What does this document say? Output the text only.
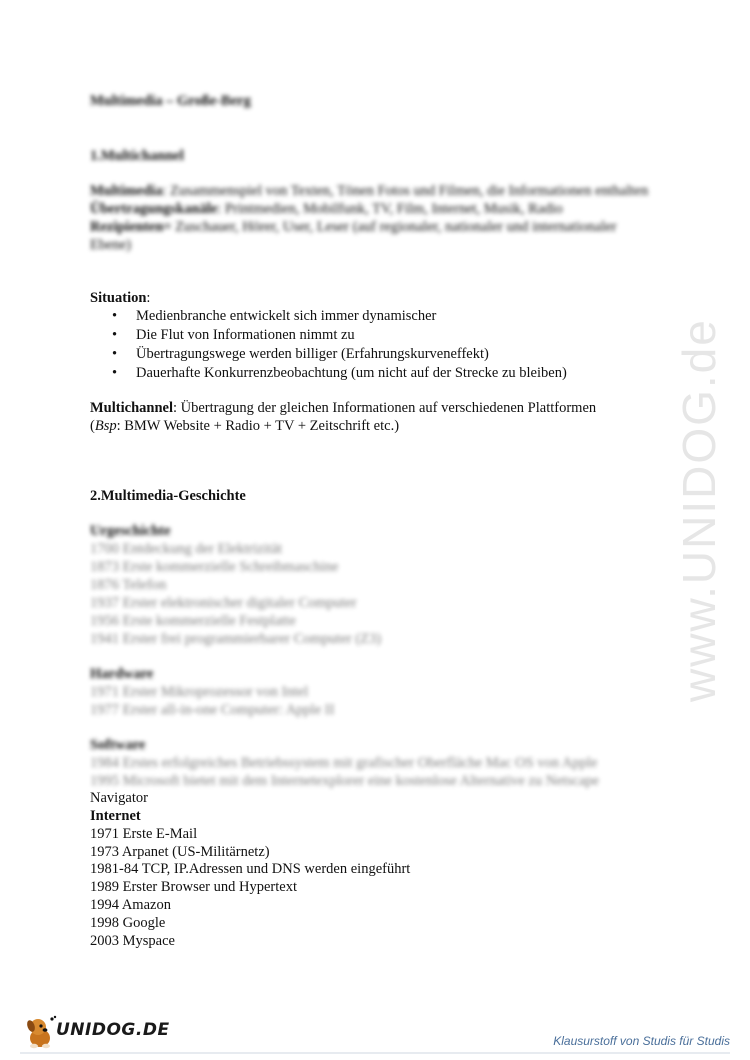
Multimedia – Große-Berg
1.Multichannel

Multimedia: Zusammenspiel von Texten, Tönen Fotos und Filmen, die Informationen enthalten

Übertragungskanäle: Printmedien, Mobilfunk, TV, Film, Internet, Musik, Radio

Rezipienten= Zuschauer, Hörer, User, Leser (auf regionaler, nationaler und internationaler Ebene)

Situation:
• Medienbranche entwickelt sich immer dynamischer
• Die Flut von Informationen nimmt zu
• Übertragungswege werden billiger (Erfahrungskurveneffekt)
• Dauerhafte Konkurrenzbeobachtung (um nicht auf der Strecke zu bleiben)

Multichannel: Übertragung der gleichen Informationen auf verschiedenen Plattformen

(Bsp: BMW Website + Radio + TV + Zeitschrift etc.)

2.Multimedia-Geschichte

Urgeschichte

1700 Entdeckung der Elektrizität

1873 Erste kommerzielle Schreibmaschine

1876 Telefon

1937 Erster elektronischer digitaler Computer

1956 Erste kommerzielle Festplatte

1941 Erster frei programmierbarer Computer (Z3)

Hardware

1971 Erster Mikroprozessor von Intel

1977 Erster all-in-one Computer: Apple II

Software

1984 Erstes erfolgreiches Betriebssystem mit grafischer Oberfläche Mac OS von Apple

1995 Microsoft bietet mit dem Internetexplorer eine kostenlose Alternative zu Netscape

Navigator

Internet

1971 Erste E-Mail

1973 Arpanet (US-Militärnetz)

1981-84 TCP, IP.Adressen und DNS werden eingeführt

1989 Erster Browser und Hypertext

1994 Amazon

1998 Google

2003 Myspace

www.UNIDOG.de
UNIDOG.DE
Klausurstoff von Studis für Studis
